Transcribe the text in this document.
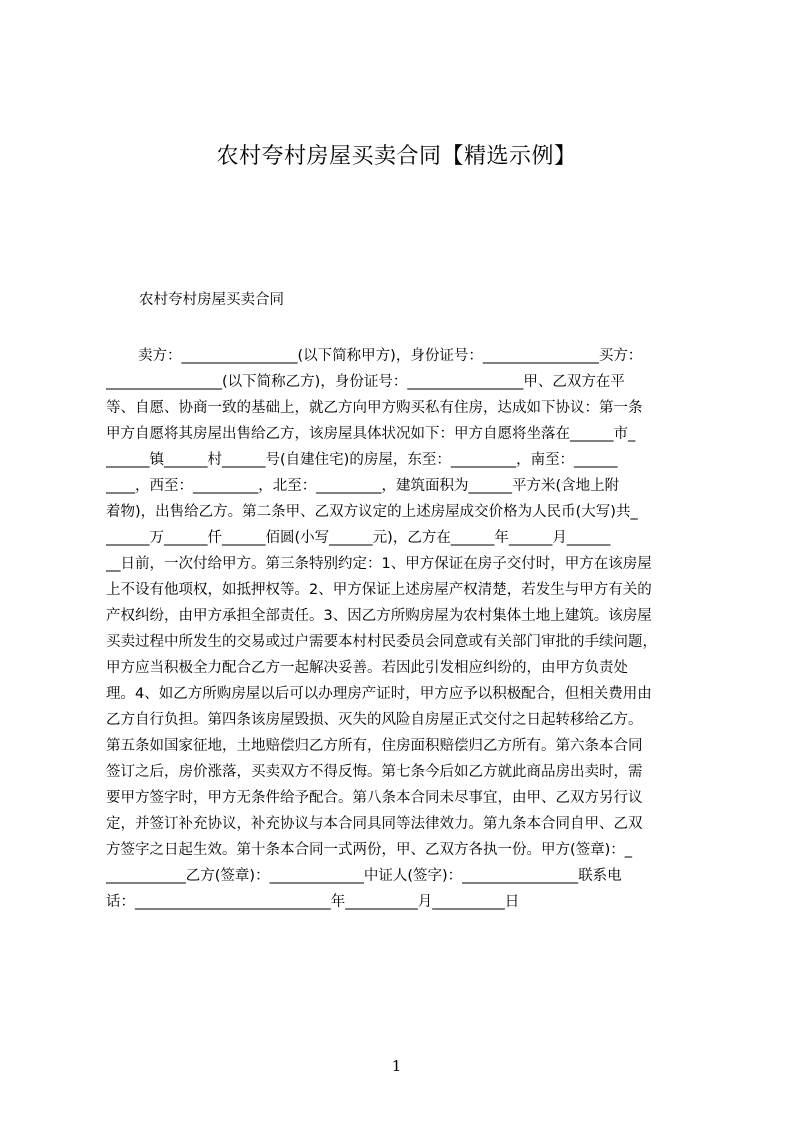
农村夸村房屋买卖合同【精选示例】
农村夸村房屋买卖合同
卖方：________________(以下简称甲方)，身份证号：________________买方：
________________(以下简称乙方)，身份证号：________________甲、乙双方在平
等、自愿、协商一致的基础上，就乙方向甲方购买私有住房，达成如下协议：第一条
甲方自愿将其房屋出售给乙方，该房屋具体状况如下：甲方自愿将坐落在______市_
______镇______村______号(自建住宅)的房屋，东至：_________，南至：______
____，西至：_________，北至：_________，建筑面积为______平方米(含地上附
着物)，出售给乙方。第二条甲、乙双方议定的上述房屋成交价格为人民币(大写)共_
______万______仟______佰圆(小写______元)，乙方在______年______月______
__日前，一次付给甲方。第三条特别约定：1、甲方保证在房子交付时，甲方在该房屋
上不设有他项权，如抵押权等。2、甲方保证上述房屋产权清楚，若发生与甲方有关的
产权纠纷，由甲方承担全部责任。3、因乙方所购房屋为农村集体土地上建筑。该房屋
买卖过程中所发生的交易或过户需要本村村民委员会同意或有关部门审批的手续问题，
甲方应当积极全力配合乙方一起解决妥善。若因此引发相应纠纷的，由甲方负责处
理。4、如乙方所购房屋以后可以办理房产证时，甲方应予以积极配合，但相关费用由
乙方自行负担。第四条该房屋毁损、灭失的风险自房屋正式交付之日起转移给乙方。
第五条如国家征地，土地赔偿归乙方所有，住房面积赔偿归乙方所有。第六条本合同
签订之后，房价涨落，买卖双方不得反悔。第七条今后如乙方就此商品房出卖时，需
要甲方签字时，甲方无条件给予配合。第八条本合同未尽事宜，由甲、乙双方另行议
定，并签订补充协议，补充协议与本合同具同等法律效力。第九条本合同自甲、乙双
方签字之日起生效。第十条本合同一式两份，甲、乙双方各执一份。甲方(签章)：_
___________乙方(签章)：_____________中证人(签字)：________________联系电
话：___________________________年__________月__________日
1
